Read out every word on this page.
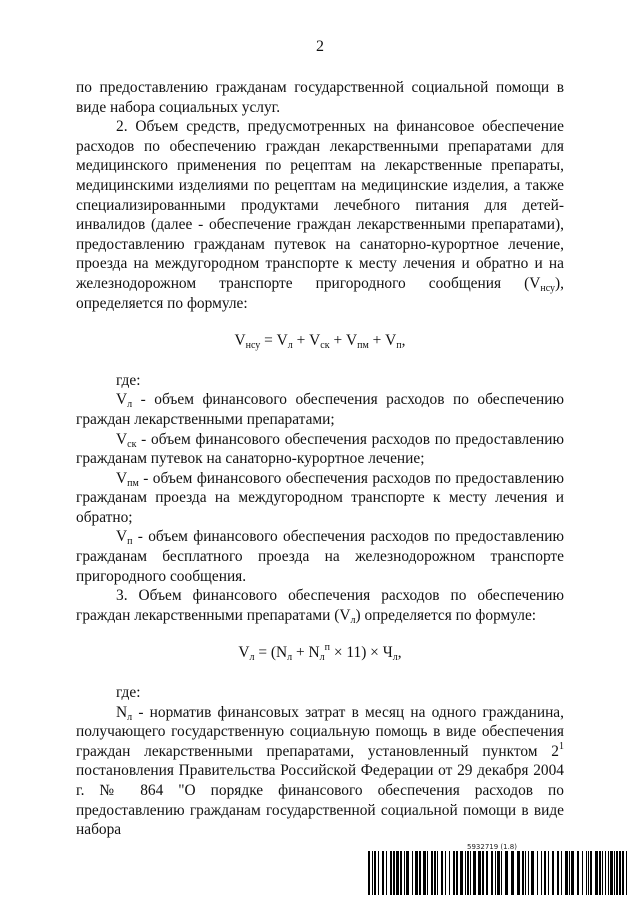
2

по предоставлению гражданам государственной социальной помощи в виде набора социальных услуг.

2. Объем средств, предусмотренных на финансовое обеспечение расходов по обеспечению граждан лекарственными препаратами для медицинского применения по рецептам на лекарственные препараты, медицинскими изделиями по рецептам на медицинские изделия, а также специализированными продуктами лечебного питания для детей-инвалидов (далее - обеспечение граждан лекарственными препаратами), предоставлению гражданам путевок на санаторно-курортное лечение, проезда на междугородном транспорте к месту лечения и обратно и на железнодорожном транспорте пригородного сообщения $(V_{нсу})$, определяется по формуле:

$V_{нсу} = V_л + V_{ск} + V_{пм} + V_п$,

где:

$V_л$ - объем финансового обеспечения расходов по обеспечению граждан лекарственными препаратами;

$V_{ск}$ - объем финансового обеспечения расходов по предоставлению гражданам путевок на санаторно-курортное лечение;

$V_{пм}$ - объем финансового обеспечения расходов по предоставлению гражданам проезда на междугородном транспорте к месту лечения и обратно;

$V_п$ - объем финансового обеспечения расходов по предоставлению гражданам бесплатного проезда на железнодорожном транспорте пригородного сообщения.

3. Объем финансового обеспечения расходов по обеспечению граждан лекарственными препаратами $(V_л)$ определяется по формуле:

$V_л = (N_л + N_л^п \times 11) \times Ч_л$,

где:

$N_л$ - норматив финансовых затрат в месяц на одного гражданина, получающего государственную социальную помощь в виде обеспечения граждан лекарственными препаратами, установленный пунктом $2^1$ постановления Правительства Российской Федерации от 29 декабря 2004 г. № 864 "О порядке финансового обеспечения расходов по предоставлению гражданам государственной социальной помощи в виде набора

5932719 (1.8)
